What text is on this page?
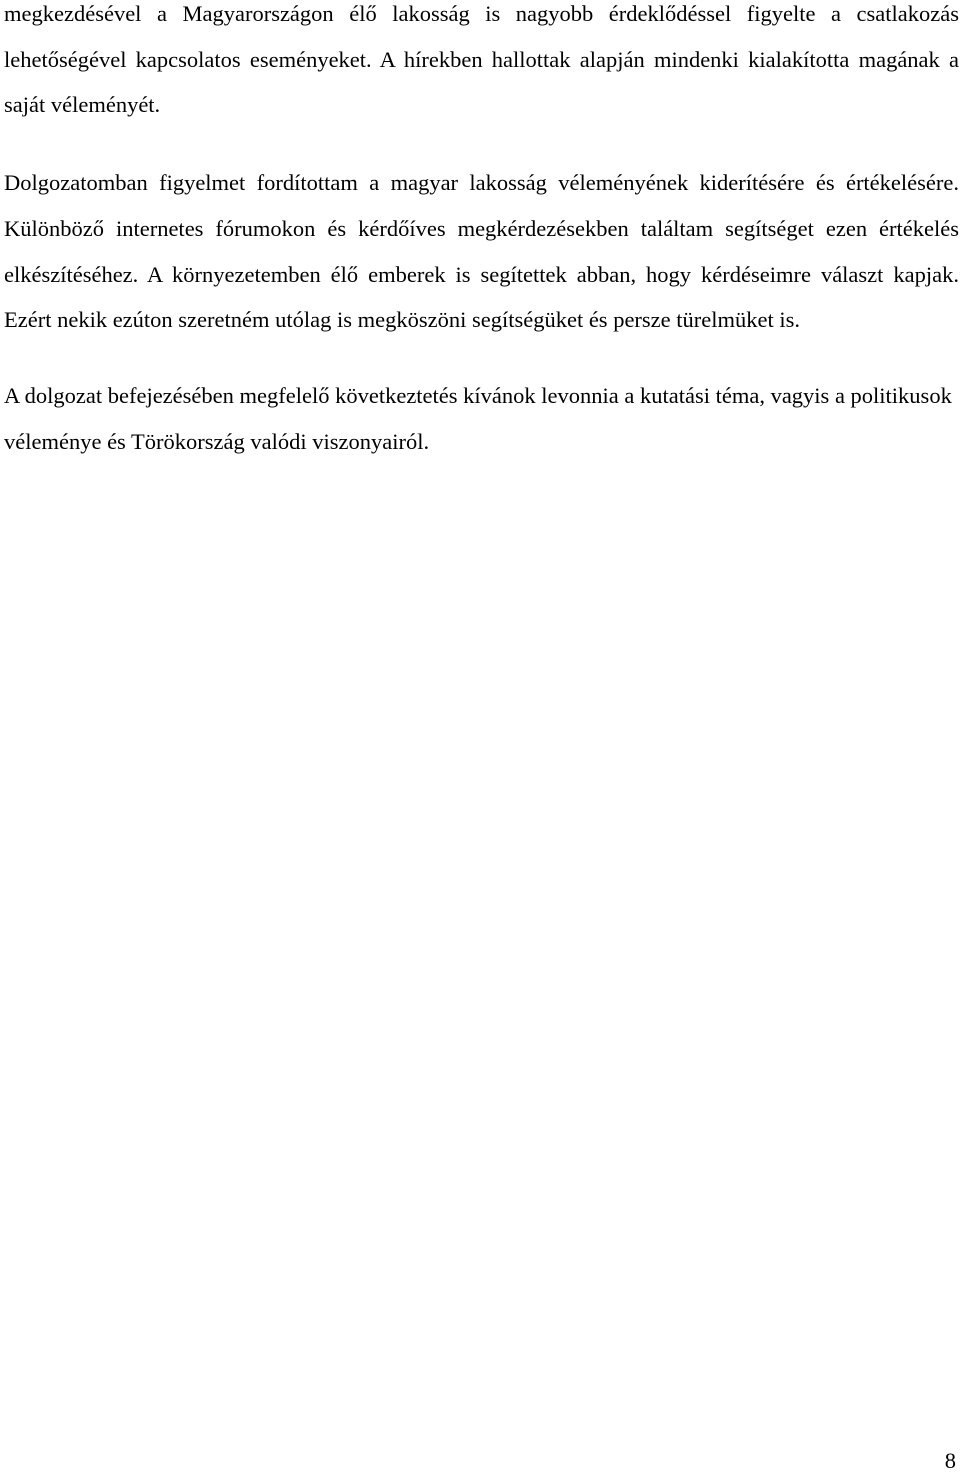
megkezdésével a Magyarországon élő lakosság is nagyobb érdeklődéssel figyelte a csatlakozás lehetőségével kapcsolatos eseményeket. A hírekben hallottak alapján mindenki kialakította magának a saját véleményét.

Dolgozatomban figyelmet fordítottam a magyar lakosság véleményének kiderítésére és értékelésére. Különböző internetes fórumokon és kérdőíves megkérdezésekben találtam segítséget ezen értékelés elkészítéséhez. A környezetemben élő emberek is segítettek abban, hogy kérdéseimre választ kapjak. Ezért nekik ezúton szeretném utólag is megköszöni segítségüket és persze türelmüket is.

A dolgozat befejezésében megfelelő következtetés kívánok levonnia a kutatási téma, vagyis a politikusok véleménye és Törökország valódi viszonyairól.

8
